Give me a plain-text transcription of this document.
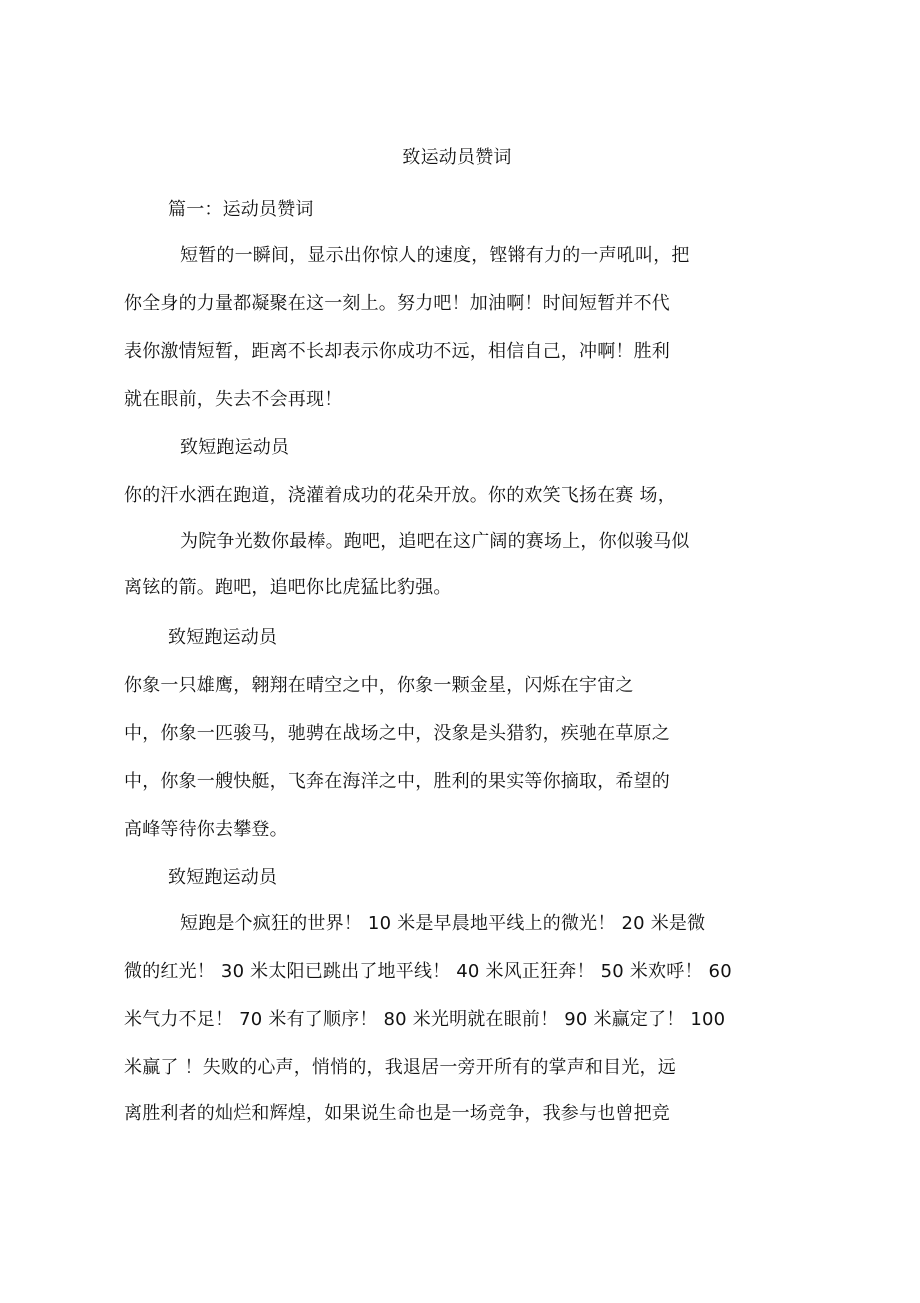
致运动员赞词
篇一：运动员赞词
短暂的一瞬间，显示出你惊人的速度，铿锵有力的一声吼叫，把
你全身的力量都凝聚在这一刻上。努力吧！加油啊！时间短暂并不代
表你激情短暂，距离不长却表示你成功不远，相信自己，冲啊！胜利
就在眼前，失去不会再现！
致短跑运动员
你的汗水洒在跑道，浇灌着成功的花朵开放。你的欢笑飞扬在赛 场，
为院争光数你最棒。跑吧，追吧在这广阔的赛场上，你似骏马似
离铉的箭。跑吧，追吧你比虎猛比豹强。
致短跑运动员
你象一只雄鹰，翱翔在晴空之中，你象一颗金星，闪烁在宇宙之
中，你象一匹骏马，驰骋在战场之中，没象是头猎豹，疾驰在草原之
中，你象一艘快艇，飞奔在海洋之中，胜利的果实等你摘取，希望的
高峰等待你去攀登。
致短跑运动员
短跑是个疯狂的世界！ 10 米是早晨地平线上的微光！ 20 米是微
微的红光！ 30 米太阳已跳出了地平线！ 40 米风正狂奔！ 50 米欢呼！ 60
米气力不足！ 70 米有了顺序！ 80 米光明就在眼前！ 90 米赢定了！ 100
米赢了 ！失败的心声，悄悄的，我退居一旁开所有的掌声和目光，远
离胜利者的灿烂和辉煌，如果说生命也是一场竞争，我参与也曾把竞
